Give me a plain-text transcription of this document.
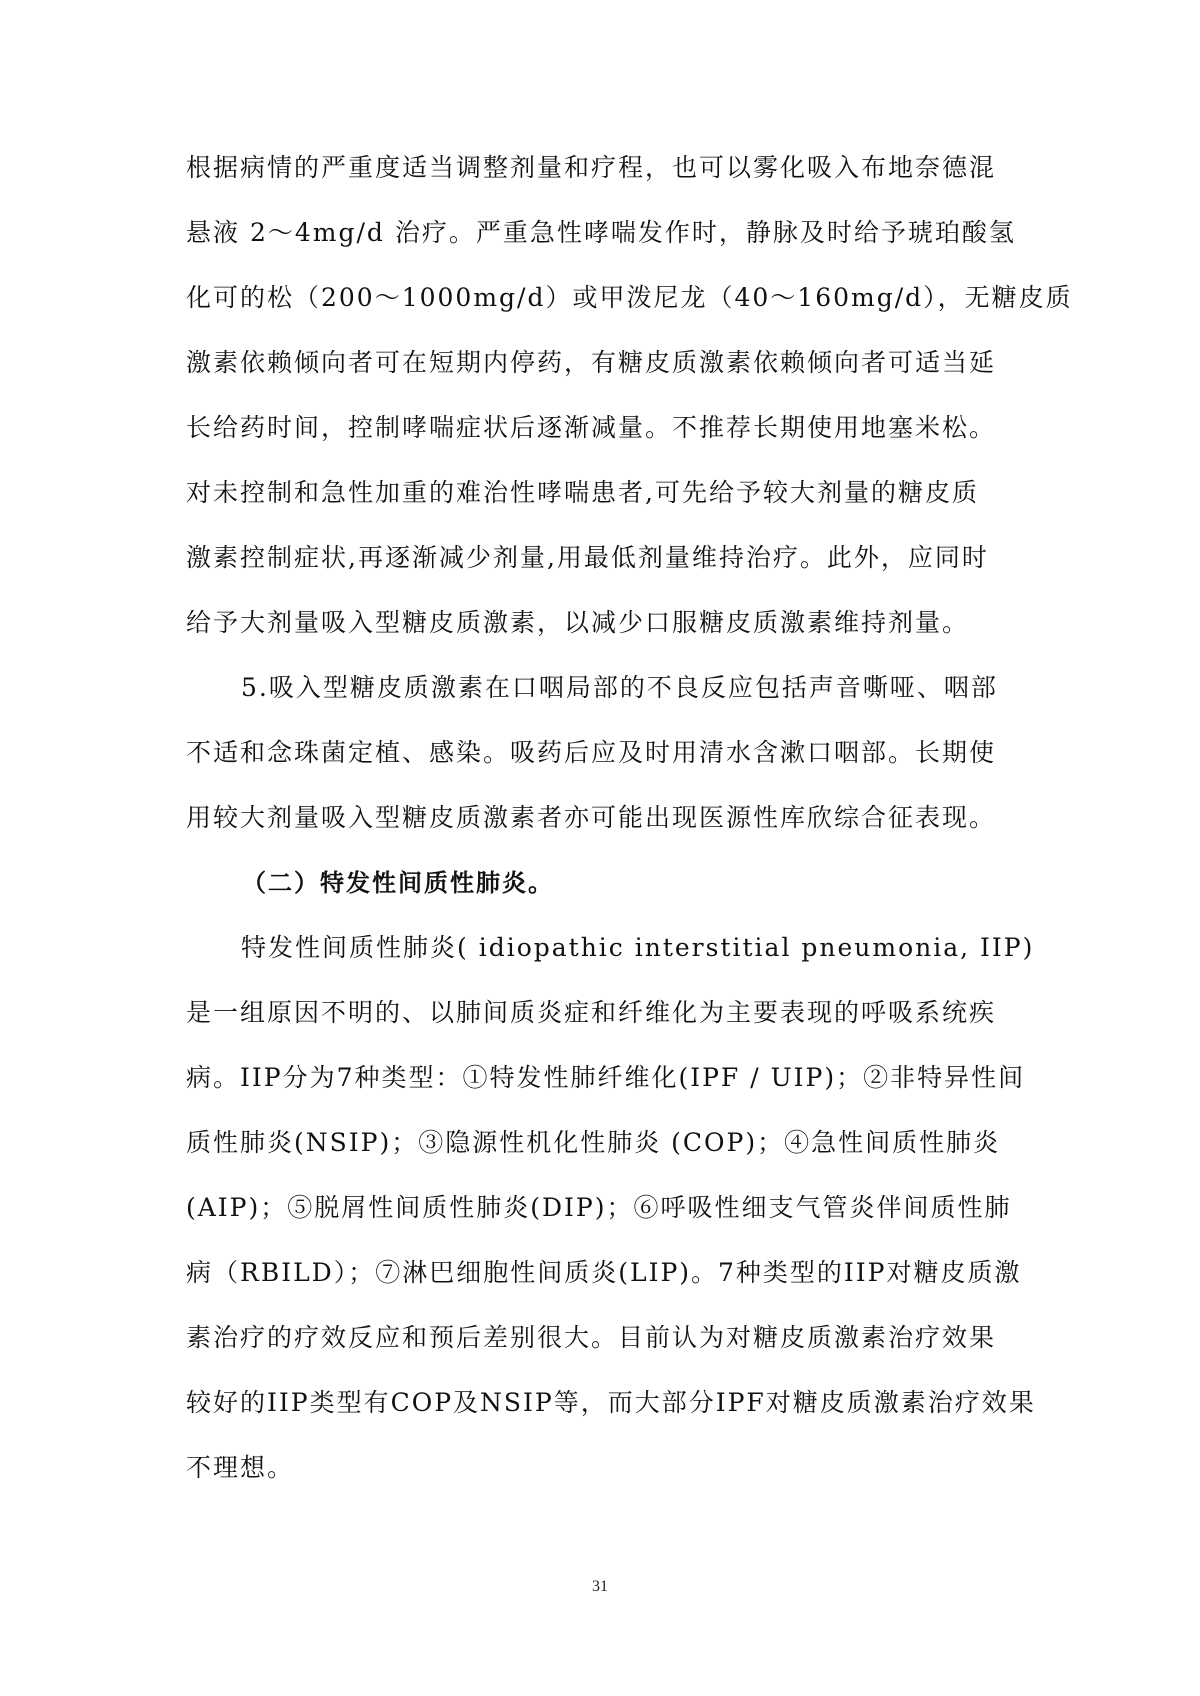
根据病情的严重度适当调整剂量和疗程，也可以雾化吸入布地奈德混
悬液 2～4mg/d 治疗。严重急性哮喘发作时，静脉及时给予琥珀酸氢
化可的松（200～1000mg/d）或甲泼尼龙（40～160mg/d），无糖皮质
激素依赖倾向者可在短期内停药，有糖皮质激素依赖倾向者可适当延
长给药时间，控制哮喘症状后逐渐减量。不推荐长期使用地塞米松。
对未控制和急性加重的难治性哮喘患者,可先给予较大剂量的糖皮质
激素控制症状,再逐渐减少剂量,用最低剂量维持治疗。此外，应同时
给予大剂量吸入型糖皮质激素，以减少口服糖皮质激素维持剂量。
5.吸入型糖皮质激素在口咽局部的不良反应包括声音嘶哑、咽部
不适和念珠菌定植、感染。吸药后应及时用清水含漱口咽部。长期使
用较大剂量吸入型糖皮质激素者亦可能出现医源性库欣综合征表现。
（二）特发性间质性肺炎。
特发性间质性肺炎( idiopathic interstitial pneumonia, IIP)
是一组原因不明的、以肺间质炎症和纤维化为主要表现的呼吸系统疾
病。IIP分为7种类型：①特发性肺纤维化(IPF / UIP)；②非特异性间
质性肺炎(NSIP)；③隐源性机化性肺炎 (COP)；④急性间质性肺炎
(AIP)；⑤脱屑性间质性肺炎(DIP)；⑥呼吸性细支气管炎伴间质性肺
病（RBILD）；⑦淋巴细胞性间质炎(LIP)。7种类型的IIP对糖皮质激
素治疗的疗效反应和预后差别很大。目前认为对糖皮质激素治疗效果
较好的IIP类型有COP及NSIP等，而大部分IPF对糖皮质激素治疗效果
不理想。
31
